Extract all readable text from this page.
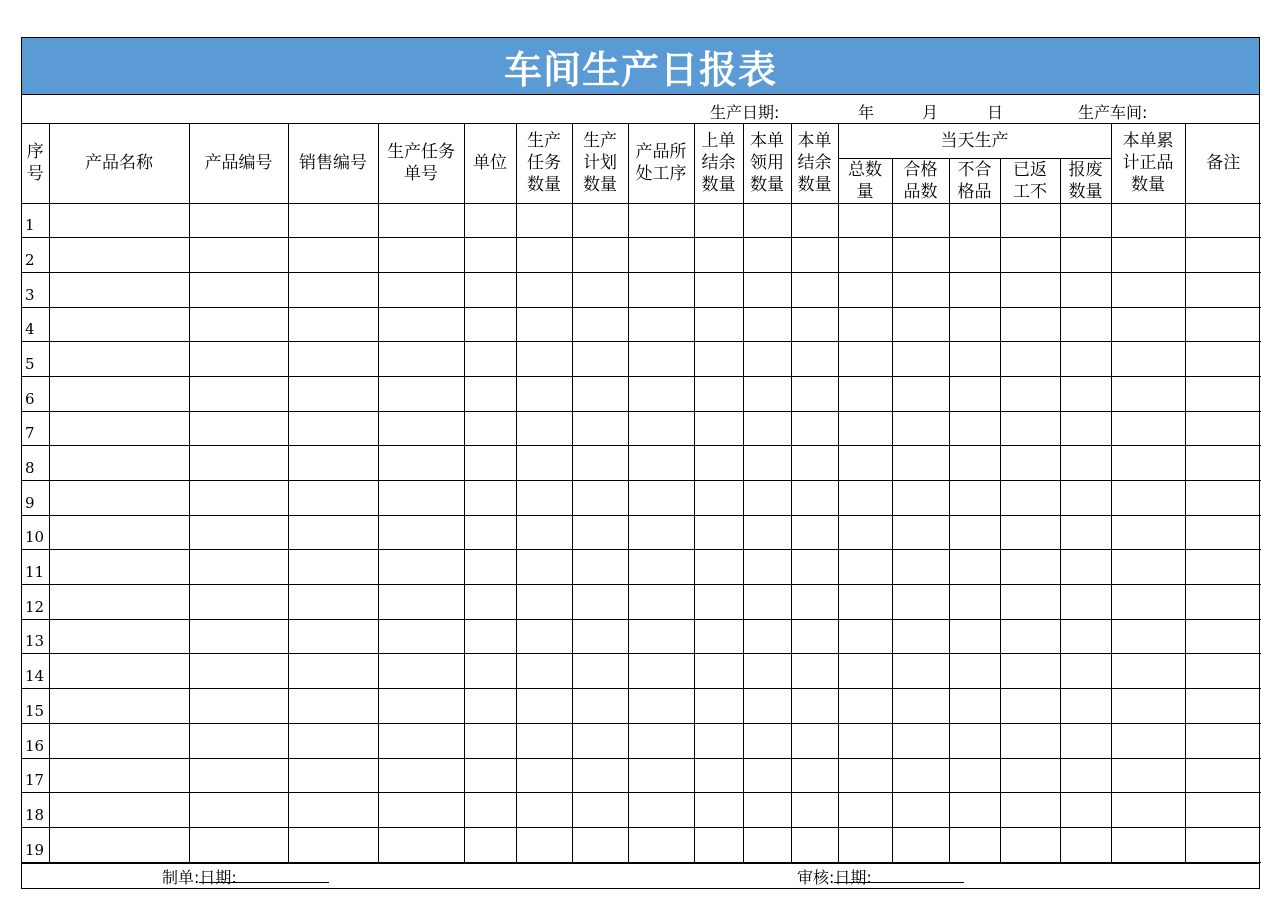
车间生产日报表
生产日期:	年	月	日	生产车间:
序号	产品名称	产品编号	销售编号	生产任务单号	单位	生产任务数量	生产计划数量	产品所处工序	上单结余数量	本单领用数量	本单结余数量	当天生产					本单累计正品数量	备注

												总数量	合格品数	不合格品	已返工不	报废数量		

1																		
2																		
3																		
4																		
5																		
6																		
7																		
8																		
9																		
10																		
11																		
12																		
13																		
14																		
15																		
16																		
17																		
18																		
19																		
制单:
日期:	审核:
日期:
